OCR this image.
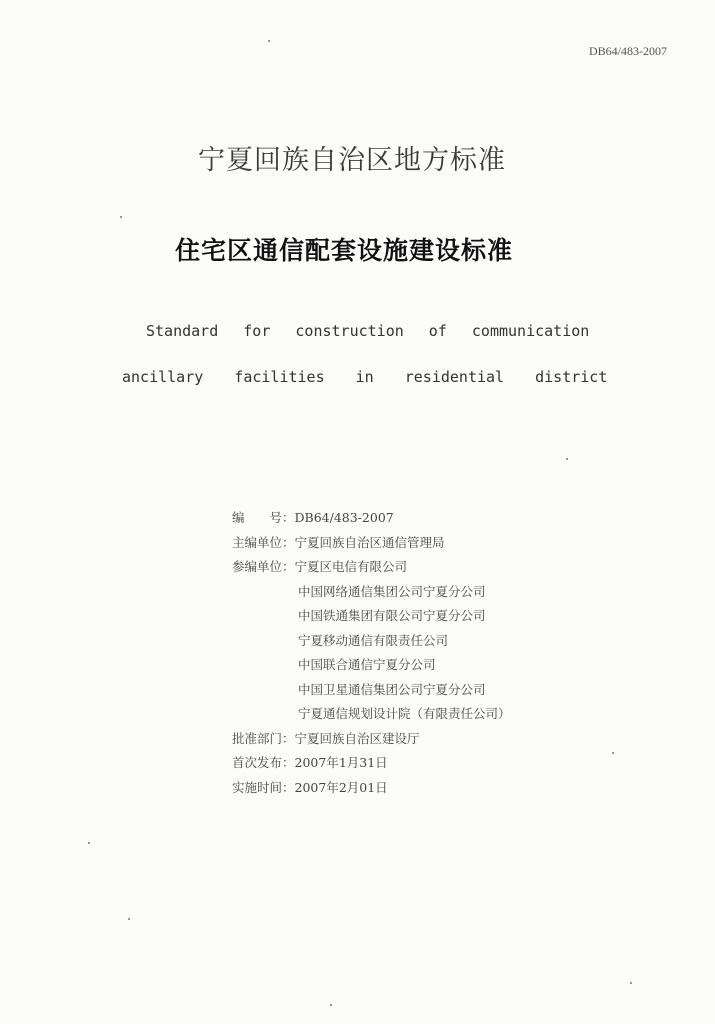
DB64/483-2007
宁夏回族自治区地方标准
住宅区通信配套设施建设标准
Standard for construction of communication
ancillary facilities in residential district
编　　号：DB64/483-2007
主编单位：宁夏回族自治区通信管理局
参编单位：宁夏区电信有限公司
中国网络通信集团公司宁夏分公司
中国铁通集团有限公司宁夏分公司
宁夏移动通信有限责任公司
中国联合通信宁夏分公司
中国卫星通信集团公司宁夏分公司
宁夏通信规划设计院（有限责任公司）
批准部门：宁夏回族自治区建设厅
首次发布：2007年1月31日
实施时间：2007年2月01日
